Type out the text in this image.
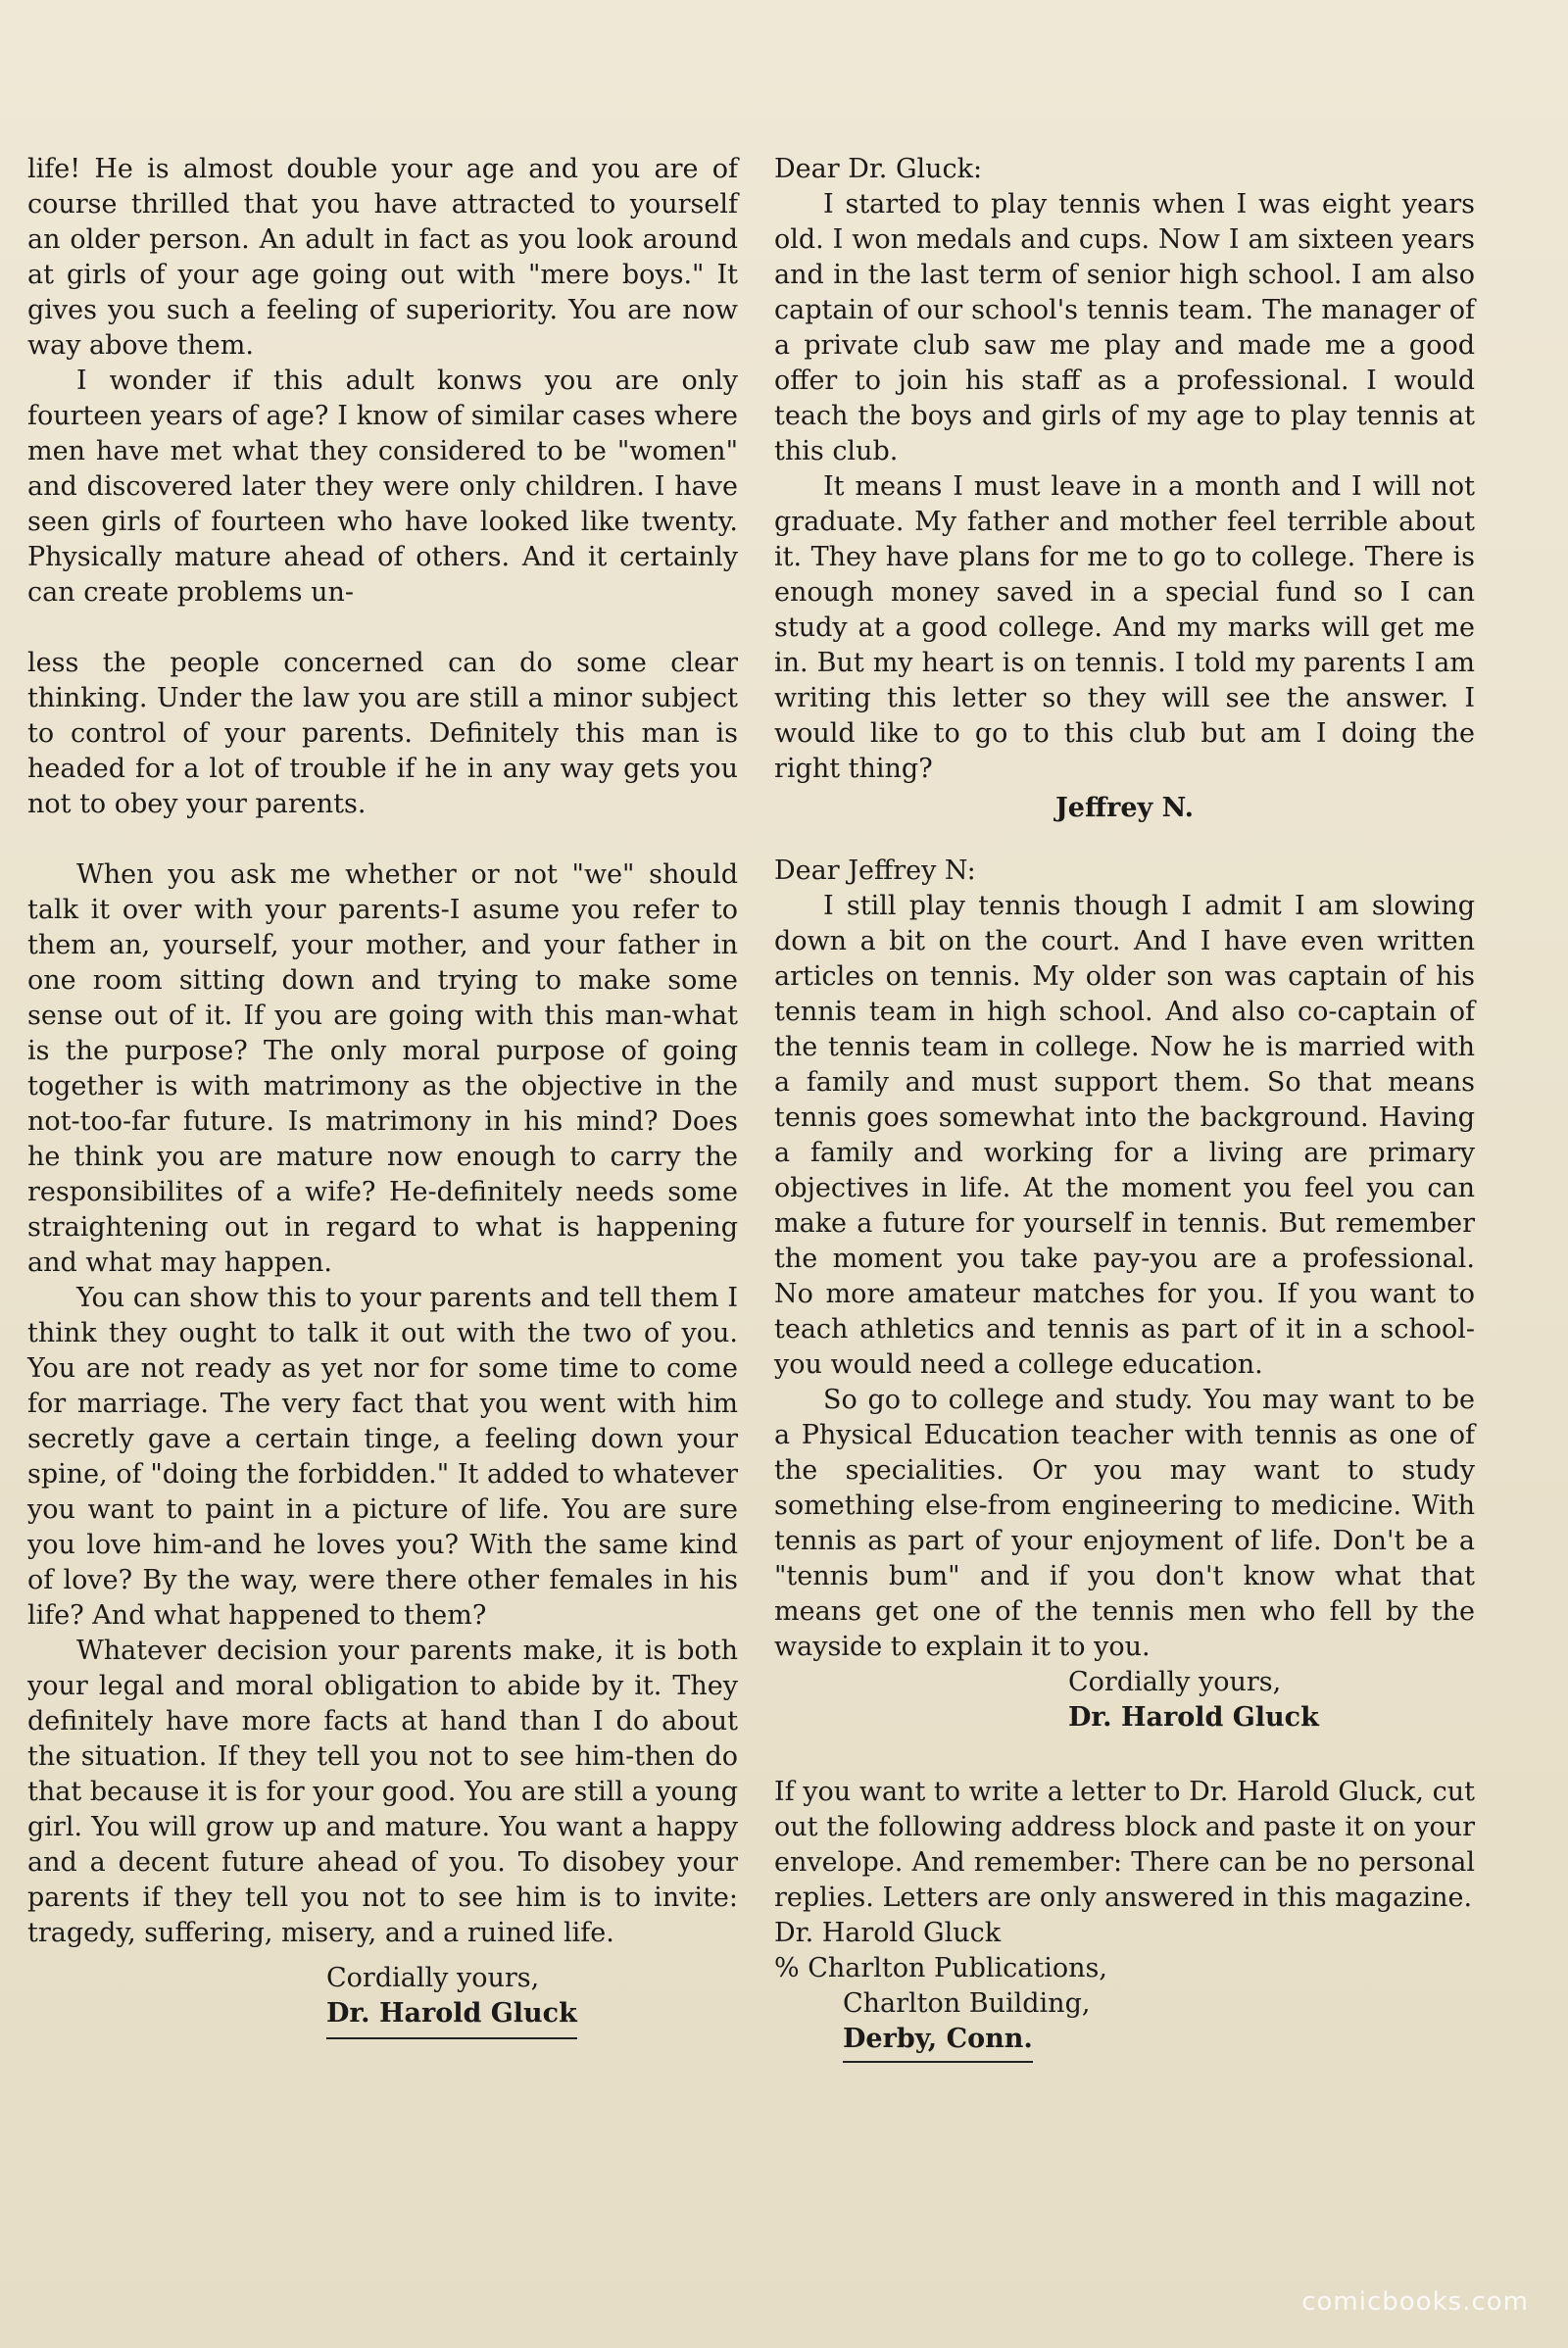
life! He is almost double your age and you are of course thrilled that you have attracted to yourself an older person. An adult in fact as you look around at girls of your age going out with "mere boys." It gives you such a feeling of superiority. You are now way above them.

I wonder if this adult konws you are only fourteen years of age? I know of similar cases where men have met what they considered to be "women" and discovered later they were only children. I have seen girls of fourteen who have looked like twenty. Physically mature ahead of others. And it certainly can create problems un-

less the people concerned can do some clear thinking. Under the law you are still a minor subject to control of your parents. Definitely this man is headed for a lot of trouble if he in any way gets you not to obey your parents.

When you ask me whether or not "we" should talk it over with your parents-I asume you refer to them an, yourself, your mother, and your father in one room sitting down and trying to make some sense out of it. If you are going with this man-what is the purpose? The only moral purpose of going together is with matrimony as the objective in the not-too-far future. Is matrimony in his mind? Does he think you are mature now enough to carry the responsibilites of a wife? He-definitely needs some straightening out in regard to what is happening and what may happen.

You can show this to your parents and tell them I think they ought to talk it out with the two of you. You are not ready as yet nor for some time to come for marriage. The very fact that you went with him secretly gave a certain tinge, a feeling down your spine, of "doing the forbidden." It added to whatever you want to paint in a picture of life. You are sure you love him-and he loves you? With the same kind of love? By the way, were there other females in his life? And what happened to them?

Whatever decision your parents make, it is both your legal and moral obligation to abide by it. They definitely have more facts at hand than I do about the situation. If they tell you not to see him-then do that because it is for your good. You are still a young girl. You will grow up and mature. You want a happy and a decent future ahead of you. To disobey your parents if they tell you not to see him is to invite: tragedy, suffering, misery, and a ruined life.

Cordially yours,

Dr. Harold Gluck

Dear Dr. Gluck:

I started to play tennis when I was eight years old. I won medals and cups. Now I am sixteen years and in the last term of senior high school. I am also captain of our school's tennis team. The manager of a private club saw me play and made me a good offer to join his staff as a professional. I would teach the boys and girls of my age to play tennis at this club.

It means I must leave in a month and I will not graduate. My father and mother feel terrible about it. They have plans for me to go to college. There is enough money saved in a special fund so I can study at a good college. And my marks will get me in. But my heart is on tennis. I told my parents I am writing this letter so they will see the answer. I would like to go to this club but am I doing the right thing?

Jeffrey N.

Dear Jeffrey N:

I still play tennis though I admit I am slowing down a bit on the court. And I have even written articles on tennis. My older son was captain of his tennis team in high school. And also co-captain of the tennis team in college. Now he is married with a family and must support them. So that means tennis goes somewhat into the background. Having a family and working for a living are primary objectives in life. At the moment you feel you can make a future for yourself in tennis. But remember the moment you take pay-you are a professional. No more amateur matches for you. If you want to teach athletics and tennis as part of it in a school-you would need a college education.

So go to college and study. You may want to be a Physical Education teacher with tennis as one of the specialities. Or you may want to study something else-from engineering to medicine. With tennis as part of your enjoyment of life. Don't be a "tennis bum" and if you don't know what that means get one of the tennis men who fell by the wayside to explain it to you.

Cordially yours,

Dr. Harold Gluck

If you want to write a letter to Dr. Harold Gluck, cut out the following address block and paste it on your envelope. And remember: There can be no personal replies. Letters are only answered in this magazine.

Dr. Harold Gluck
% Charlton Publications,
Charlton Building,
Derby, Conn.
comicbooks.com
